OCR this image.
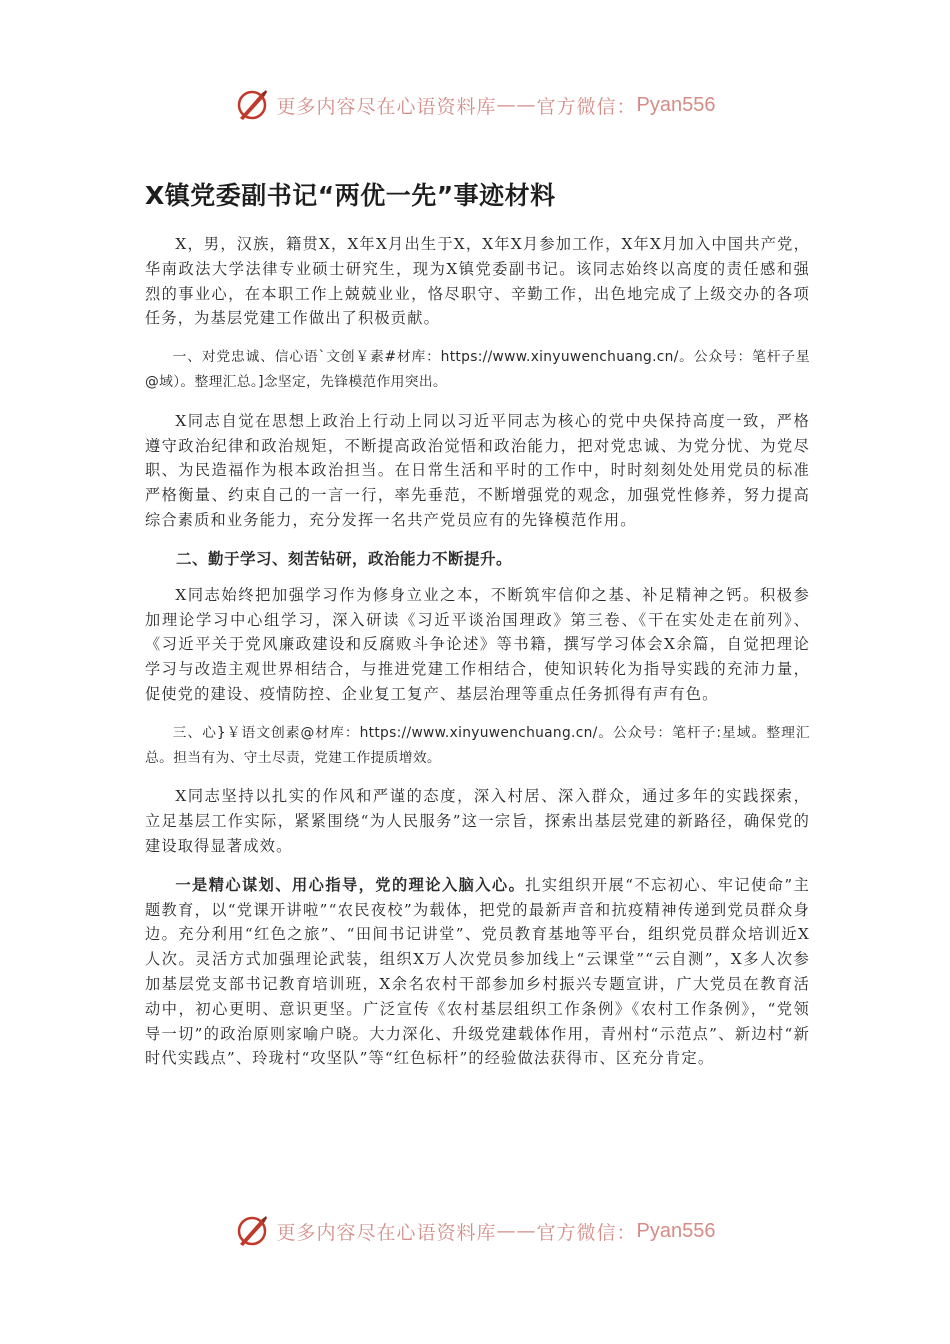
更多内容尽在心语资料库 —— 官方微信： Pyan556
X镇党委副书记“两优一先”事迹材料

X，男，汉族，籍贯X，X年X月出生于X，X年X月参加工作，X年X月加入中国共产党，华南政法大学法律专业硕士研究生，现为X镇党委副书记。该同志始终以高度的责任感和强烈的事业心，在本职工作上兢兢业业，恪尽职守、辛勤工作，出色地完成了上级交办的各项任务，为基层党建工作做出了积极贡献。

一、对党忠诚、信心语`文创￥素#材库：https://www.xinyuwenchuang.cn/。公众号：笔杆子星@域）。整理汇总。]念坚定，先锋模范作用突出。

X同志自觉在思想上政治上行动上同以习近平同志为核心的党中央保持高度一致，严格遵守政治纪律和政治规矩，不断提高政治觉悟和政治能力，把对党忠诚、为党分忧、为党尽职、为民造福作为根本政治担当。在日常生活和平时的工作中，时时刻刻处处用党员的标准严格衡量、约束自己的一言一行，率先垂范，不断增强党的观念，加强党性修养，努力提高综合素质和业务能力，充分发挥一名共产党员应有的先锋模范作用。

二、勤于学习、刻苦钻研，政治能力不断提升。

X同志始终把加强学习作为修身立业之本，不断筑牢信仰之基、补足精神之钙。积极参加理论学习中心组学习，深入研读《习近平谈治国理政》第三卷、《干在实处走在前列》、《习近平关于党风廉政建设和反腐败斗争论述》等书籍，撰写学习体会X余篇，自觉把理论学习与改造主观世界相结合，与推进党建工作相结合，使知识转化为指导实践的充沛力量，促使党的建设、疫情防控、企业复工复产、基层治理等重点任务抓得有声有色。

三、心}￥语文创素@材库：https://www.xinyuwenchuang.cn/。公众号：笔杆子:星域。整理汇总。担当有为、守土尽责，党建工作提质增效。

X同志坚持以扎实的作风和严谨的态度，深入村居、深入群众，通过多年的实践探索，立足基层工作实际，紧紧围绕“为人民服务”这一宗旨，探索出基层党建的新路径，确保党的建设取得显著成效。

一是精心谋划、用心指导，党的理论入脑入心。扎实组织开展“不忘初心、牢记使命”主题教育，以“党课开讲啦”“农民夜校”为载体，把党的最新声音和抗疫精神传递到党员群众身边。充分利用“红色之旅”、“田间书记讲堂”、党员教育基地等平台，组织党员群众培训近X人次。灵活方式加强理论武装，组织X万人次党员参加线上“云课堂”“云自测”，X多人次参加基层党支部书记教育培训班，X余名农村干部参加乡村振兴专题宣讲，广大党员在教育活动中，初心更明、意识更坚。广泛宣传《农村基层组织工作条例》《农村工作条例》，“党领导一切”的政治原则家喻户晓。大力深化、升级党建载体作用，青州村“示范点”、新边村“新时代实践点”、玲珑村“攻坚队”等“红色标杆”的经验做法获得市、区充分肯定。

更多内容尽在心语资料库 —— 官方微信： Pyan556
